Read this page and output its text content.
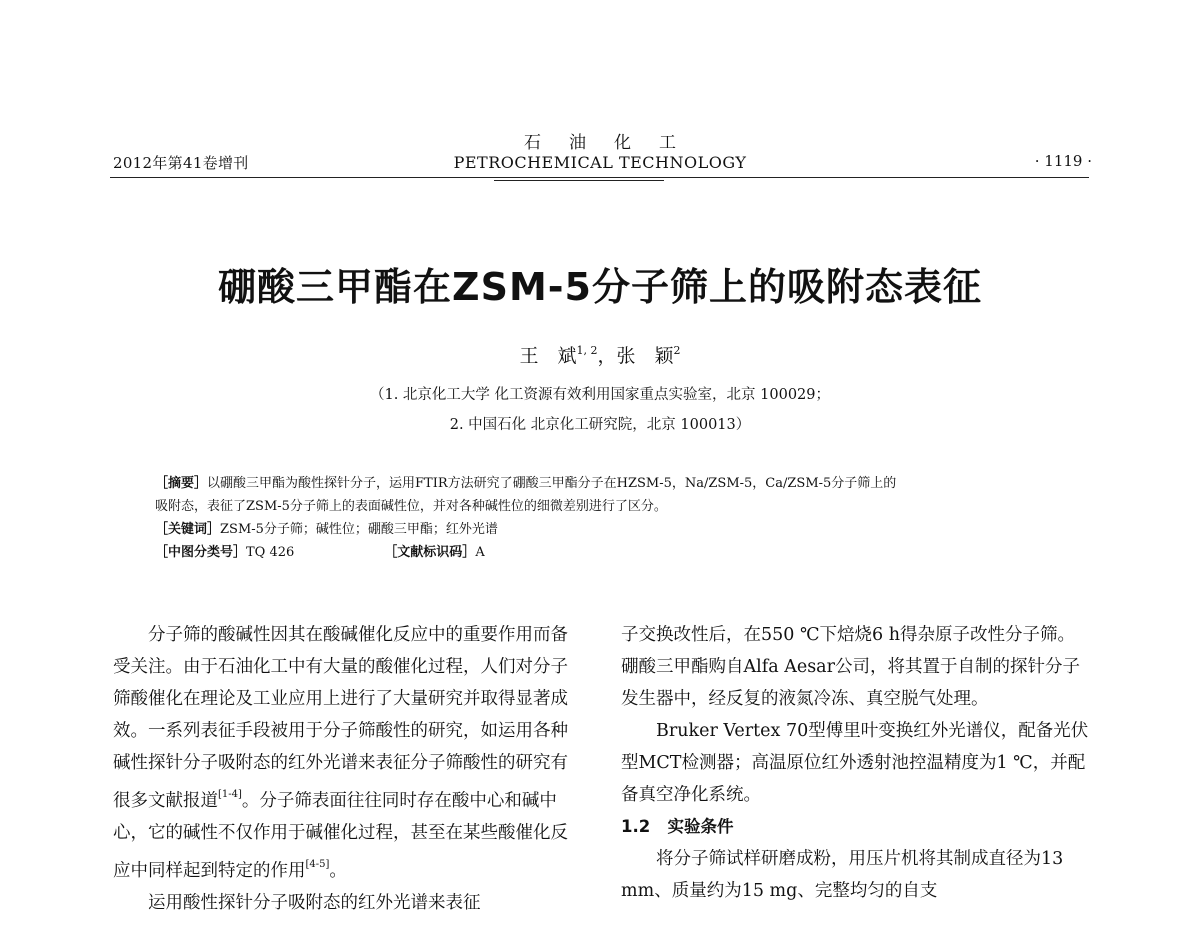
2012年第41卷增刊
石油化工
PETROCHEMICAL TECHNOLOGY	· 1119 ·
硼酸三甲酯在ZSM-5分子筛上的吸附态表征
王　斌$^{1, 2}$，张　颖$^2$
（1. 北京化工大学 化工资源有效利用国家重点实验室，北京 100029；
2. 中国石化 北京化工研究院，北京 100013）
［摘要］以硼酸三甲酯为酸性探针分子，运用FTIR方法研究了硼酸三甲酯分子在HZSM-5，Na/ZSM-5，Ca/ZSM-5分子筛上的
吸附态，表征了ZSM-5分子筛上的表面碱性位，并对各种碱性位的细微差别进行了区分。
［关键词］ZSM-5分子筛；碱性位；硼酸三甲酯；红外光谱
［中图分类号］TQ 426	［文献标识码］A

分子筛的酸碱性因其在酸碱催化反应中的重要作用而备受关注。由于石油化工中有大量的酸催化过程，人们对分子筛酸催化在理论及工业应用上进行了大量研究并取得显著成效。一系列表征手段被用于分子筛酸性的研究，如运用各种碱性探针分子吸附态的红外光谱来表征分子筛酸性的研究有很多文献报道[1-4]。分子筛表面往往同时存在酸中心和碱中心，它的碱性不仅作用于碱催化过程，甚至在某些酸催化反应中同样起到特定的作用[4-5]。

运用酸性探针分子吸附态的红外光谱来表征

子交换改性后，在550 ℃下焙烧6 h得杂原子改性分子筛。硼酸三甲酯购自Alfa Aesar公司，将其置于自制的探针分子发生器中，经反复的液氮冷冻、真空脱气处理。

Bruker Vertex 70型傅里叶变换红外光谱仪，配备光伏型MCT检测器；高温原位红外透射池控温精度为1 ℃，并配备真空净化系统。

1.2 实验条件

将分子筛试样研磨成粉，用压片机将其制成直径为13 mm、质量约为15 mg、完整均匀的自支
